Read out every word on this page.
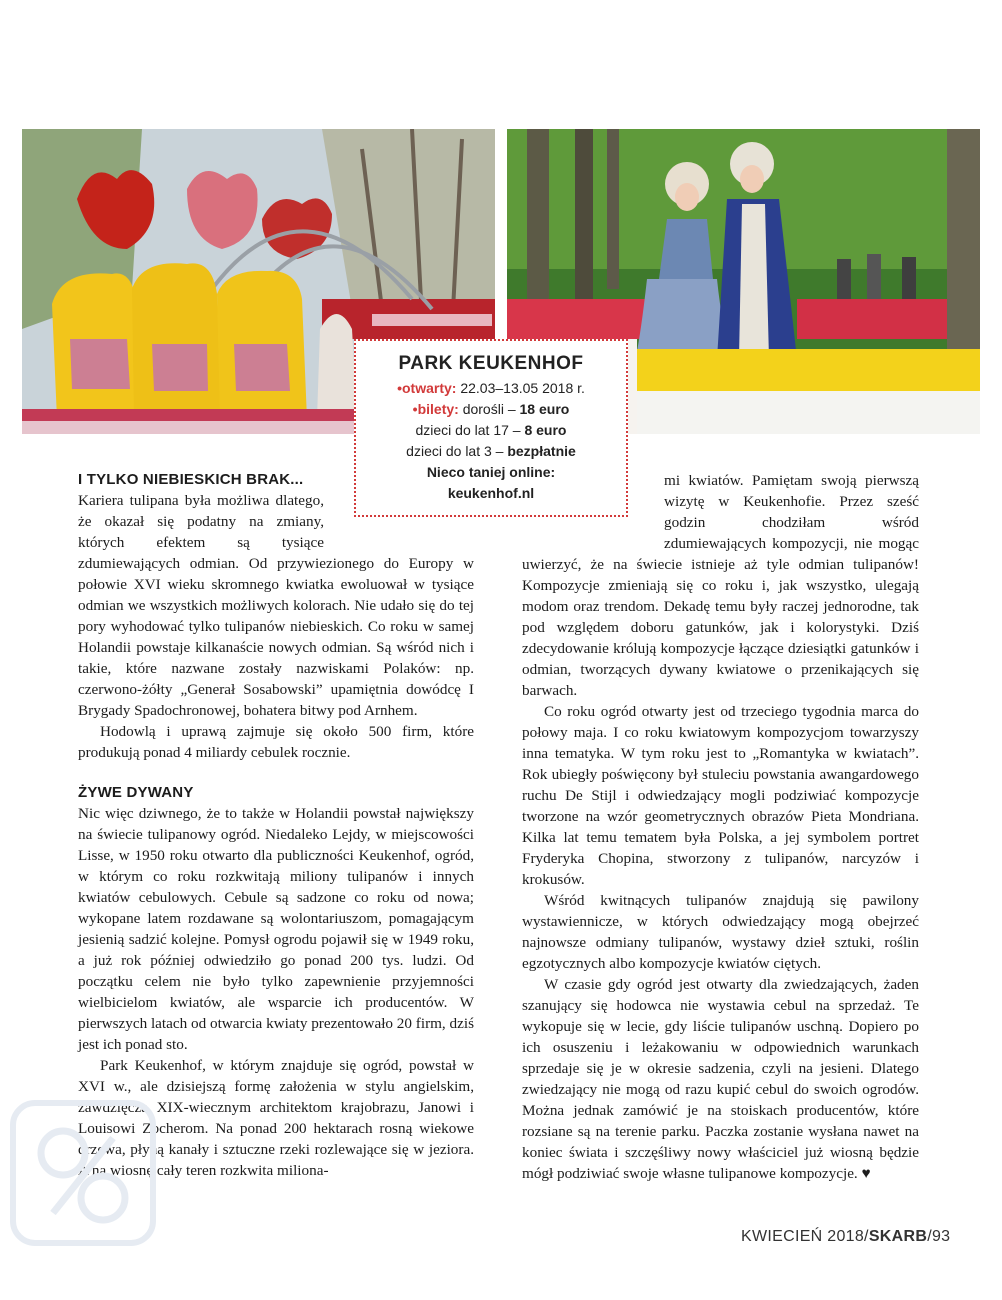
PARK KEUKENHOF
•otwarty: 22.03–13.05 2018 r.
•bilety: dorośli – 18 euro
dzieci do lat 17 – 8 euro
dzieci do lat 3 – bezpłatnie
Nieco taniej online:
keukenhof.nl
I TYLKO NIEBIESKICH BRAK...

Kariera tulipana była możliwa dlatego, że okazał się podatny na zmiany, których efektem są tysiące zdumiewających odmian. Od przywiezionego do Europy w połowie XVI wieku skromnego kwiatka ewoluował w tysiące odmian we wszystkich możliwych kolorach. Nie udało się do tej pory wyhodować tylko tulipanów niebieskich. Co roku w samej Holandii powstaje kilkanaście nowych odmian. Są wśród nich i takie, które nazwane zostały nazwiskami Polaków: np. czerwono-żółty „Generał Sosabowski” upamiętnia dowódcę I Brygady Spadochronowej, bohatera bitwy pod Arnhem.

Hodowlą i uprawą zajmuje się około 500 firm, które produkują ponad 4 miliardy cebulek rocznie.

ŻYWE DYWANY

Nic więc dziwnego, że to także w Holandii powstał największy na świecie tulipanowy ogród. Niedaleko Lejdy, w miejscowości Lisse, w 1950 roku otwarto dla publiczności Keukenhof, ogród, w którym co roku rozkwitają miliony tulipanów i innych kwiatów cebulowych. Cebule są sadzone co roku od nowa; wykopane latem rozdawane są wolontariuszom, pomagającym jesienią sadzić kolejne. Pomysł ogrodu pojawił się w 1949 roku, a już rok później odwiedziło go ponad 200 tys. ludzi. Od początku celem nie było tylko zapewnienie przyjemności wielbicielom kwiatów, ale wsparcie ich producentów. W pierwszych latach od otwarcia kwiaty prezentowało 20 firm, dziś jest ich ponad sto.

Park Keukenhof, w którym znajduje się ogród, powstał w XVI w., ale dzisiejszą formę założenia w stylu angielskim, zawdzięcza XIX-wiecznym architektom krajobrazu, Janowi i Louisowi Zocherom. Na ponad 200 hektarach rosną wiekowe drzewa, płyną kanały i sztuczne rzeki rozlewające się w jeziora. A na wiosnę cały teren rozkwita miliona-

mi kwiatów. Pamiętam swoją pierwszą wizytę w Keukenhofie. Przez sześć godzin chodziłam wśród zdumiewających kompozycji, nie mogąc uwierzyć, że na świecie istnieje aż tyle odmian tulipanów! Kompozycje zmieniają się co roku i, jak wszystko, ulegają modom oraz trendom. Dekadę temu były raczej jednorodne, tak pod względem doboru gatunków, jak i kolorystyki. Dziś zdecydowanie królują kompozycje łączące dziesiątki gatunków i odmian, tworzących dywany kwiatowe o przenikających się barwach.

Co roku ogród otwarty jest od trzeciego tygodnia marca do połowy maja. I co roku kwiatowym kompozycjom towarzyszy inna tematyka. W tym roku jest to „Romantyka w kwiatach”. Rok ubiegły poświęcony był stuleciu powstania awangardowego ruchu De Stijl i odwiedzający mogli podziwiać kompozycje tworzone na wzór geometrycznych obrazów Pieta Mondriana. Kilka lat temu tematem była Polska, a jej symbolem portret Fryderyka Chopina, stworzony z tulipanów, narcyzów i krokusów.

Wśród kwitnących tulipanów znajdują się pawilony wystawiennicze, w których odwiedzający mogą obejrzeć najnowsze odmiany tulipanów, wystawy dzieł sztuki, roślin egzotycznych albo kompozycje kwiatów ciętych.

W czasie gdy ogród jest otwarty dla zwiedzających, żaden szanujący się hodowca nie wystawia cebul na sprzedaż. Te wykopuje się w lecie, gdy liście tulipanów uschną. Dopiero po ich osuszeniu i leżakowaniu w odpowiednich warunkach sprzedaje się je w okresie sadzenia, czyli na jesieni. Dlatego zwiedzający nie mogą od razu kupić cebul do swoich ogrodów. Można jednak zamówić je na stoiskach producentów, które rozsiane są na terenie parku. Paczka zostanie wysłana nawet na koniec świata i szczęśliwy nowy właściciel już wiosną będzie mógł podziwiać swoje własne tulipanowe kompozycje. ♥

KWIECIEŃ 2018/SKARB/93
